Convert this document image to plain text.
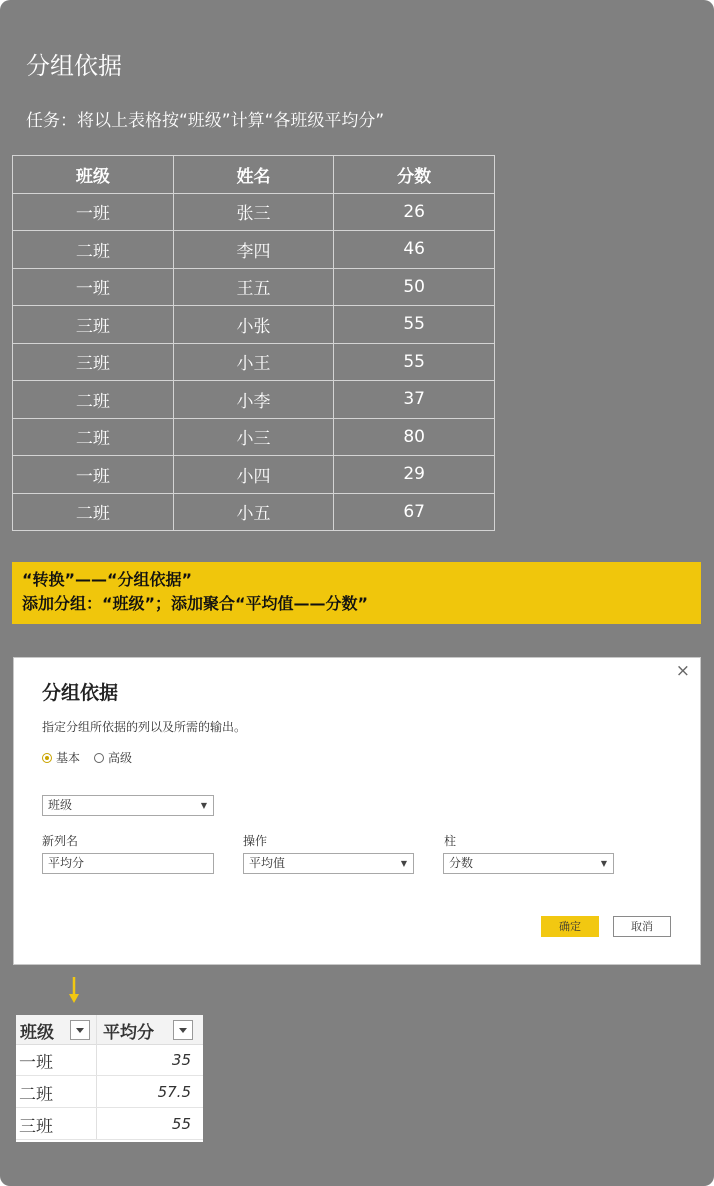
分组依据
任务：将以上表格按“班级”计算“各班级平均分”
班级	姓名	分数
一班	张三	26
二班	李四	46
一班	王五	50
三班	小张	55
三班	小王	55
二班	小李	37
二班	小三	80
一班	小四	29
二班	小五	67
“转换”——“分组依据”
添加分组：“班级”；添加聚合“平均值——分数”
×
分组依据
指定分组所依据的列以及所需的输出。
基本 高级
班级	▼
新列名
平均分
操作
平均值	▼
柱
分数	▼
确定	取消
班级	平均分
一班	35
二班	57.5
三班	55
